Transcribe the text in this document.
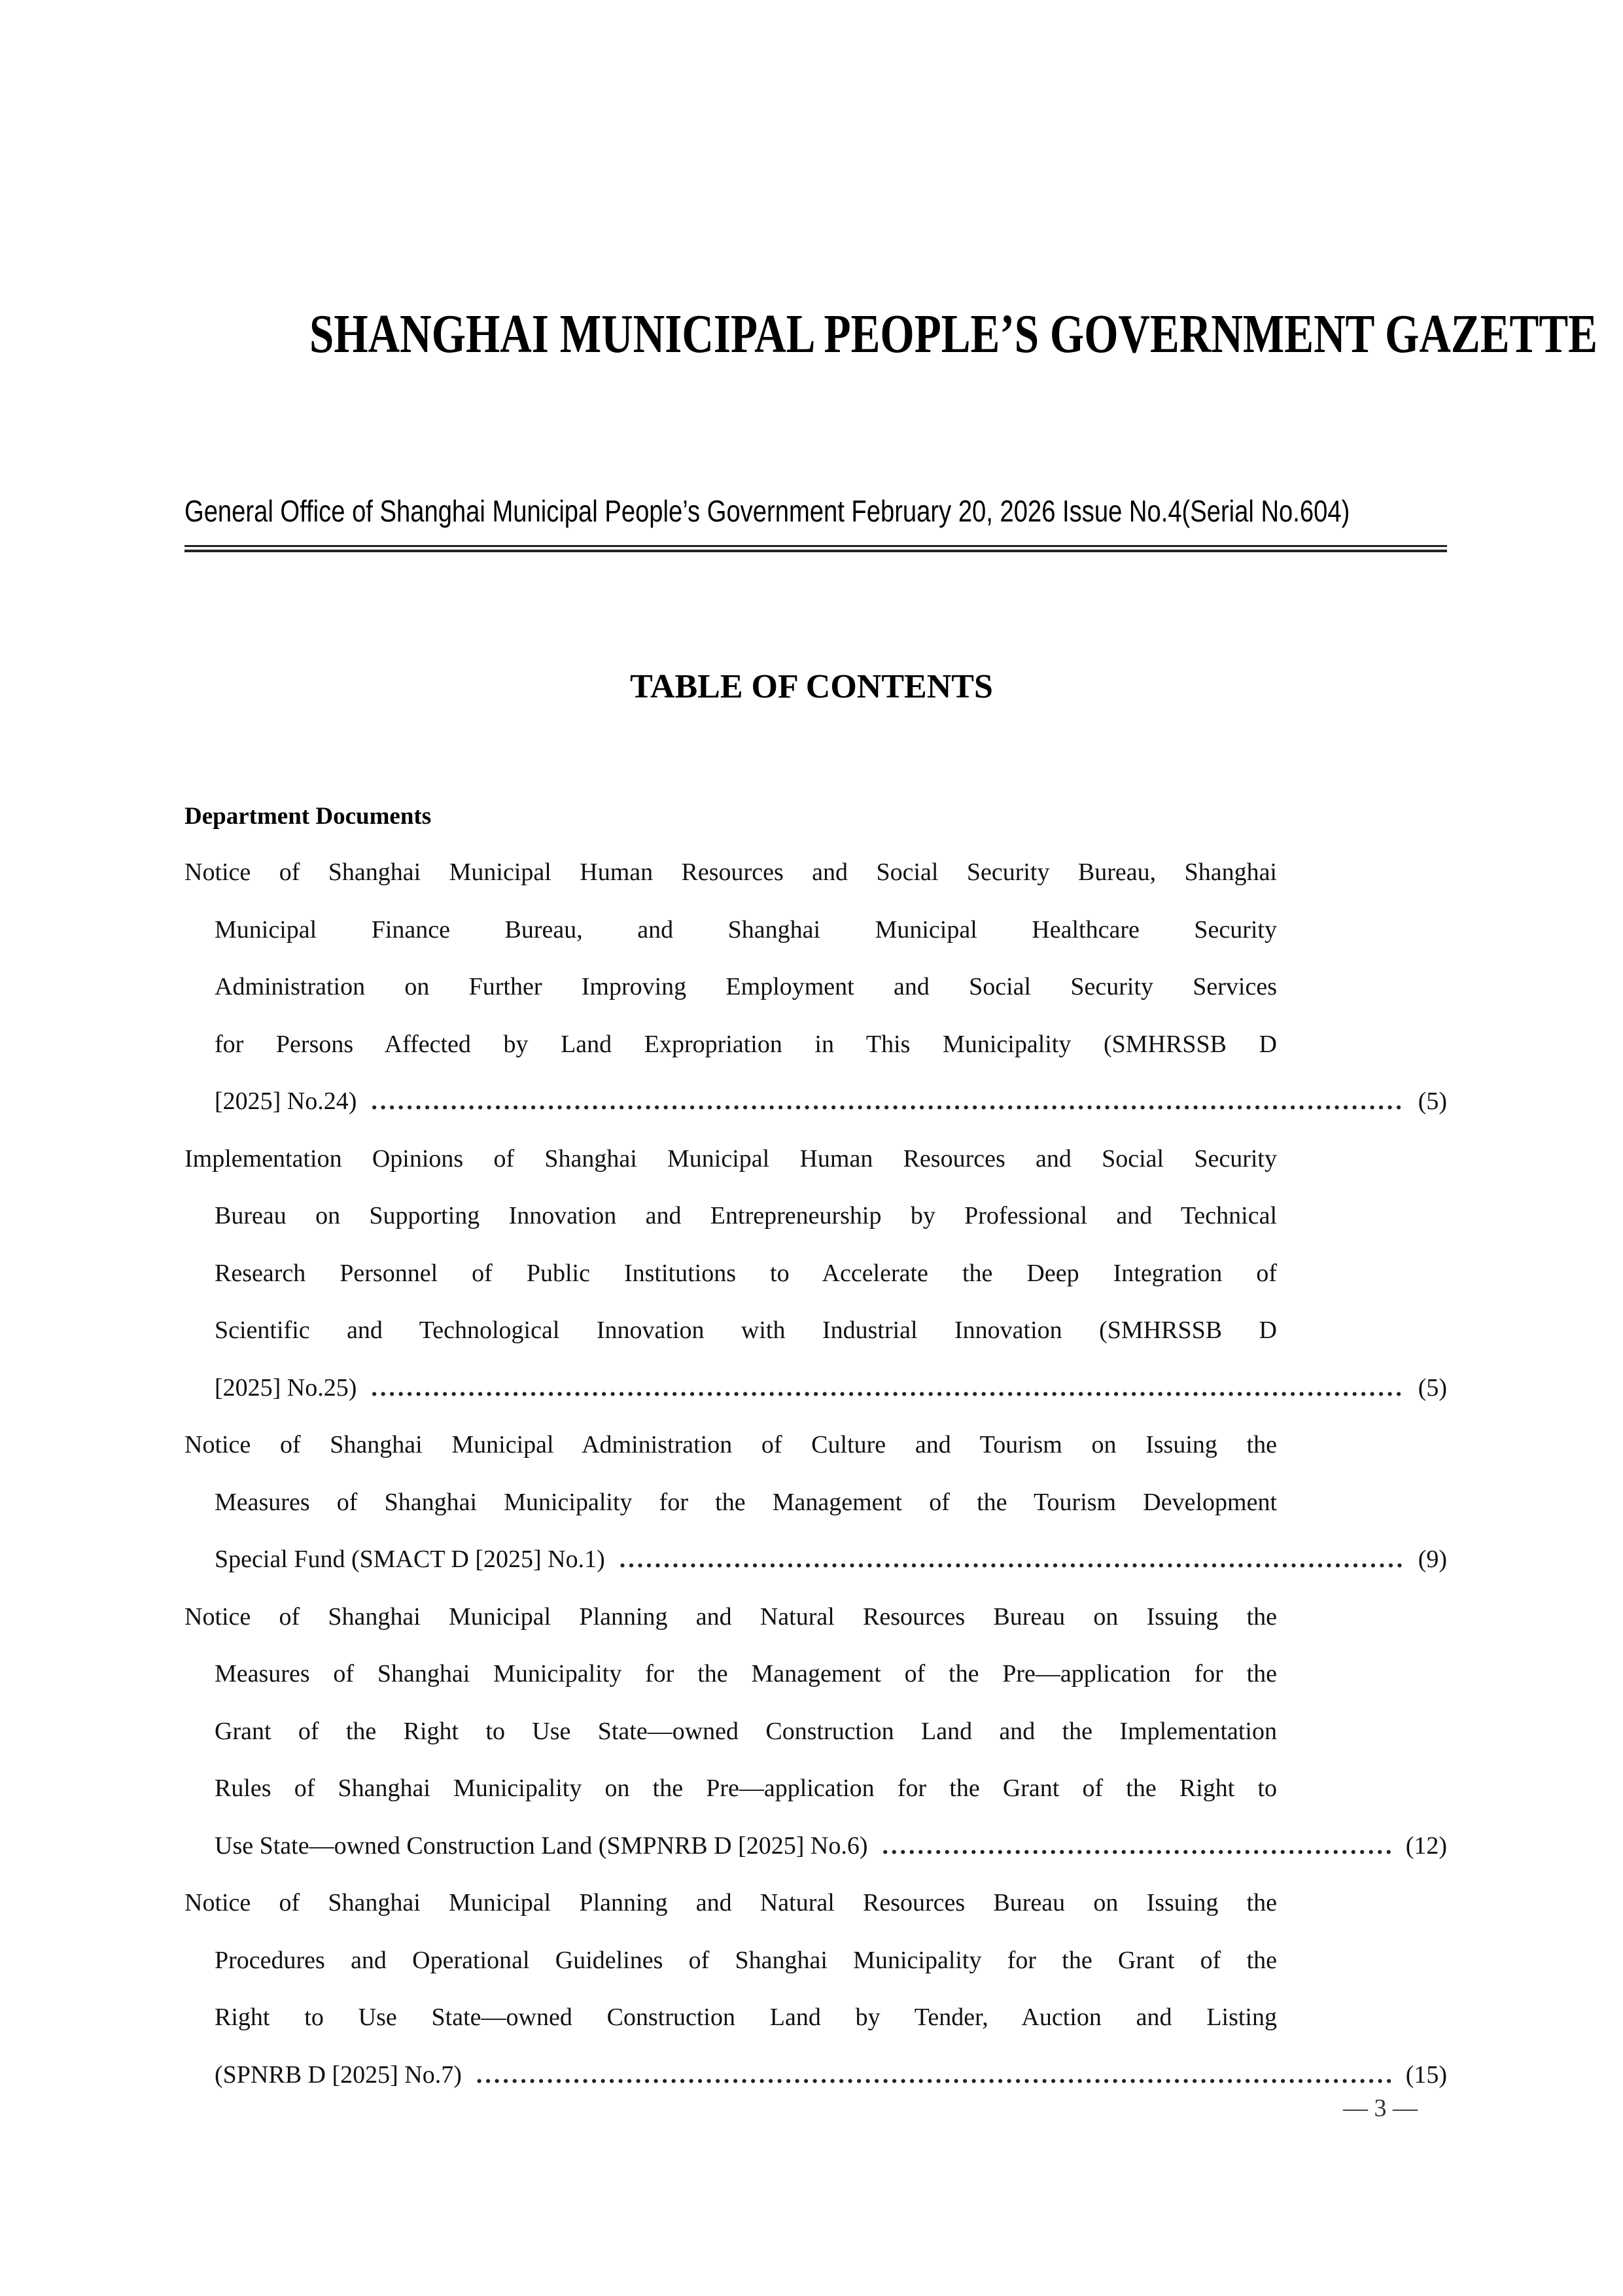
SHANGHAI MUNICIPAL PEOPLE’S GOVERNMENT GAZETTE
General Office of Shanghai Municipal People’s Government February 20, 2026 Issue No.4(Serial No.604)
TABLE OF CONTENTS
Department Documents
Notice of Shanghai Municipal Human Resources and Social Security Bureau, Shanghai
Municipal Finance Bureau, and Shanghai Municipal Healthcare Security
Administration on Further Improving Employment and Social Security Services
for Persons Affected by Land Expropriation in This Municipality (SMHRSSB D
[2025] No.24) .....	(5)
Implementation Opinions of Shanghai Municipal Human Resources and Social Security
Bureau on Supporting Innovation and Entrepreneurship by Professional and Technical
Research Personnel of Public Institutions to Accelerate the Deep Integration of
Scientific and Technological Innovation with Industrial Innovation (SMHRSSB D
[2025] No.25) .....	(5)
Notice of Shanghai Municipal Administration of Culture and Tourism on Issuing the
Measures of Shanghai Municipality for the Management of the Tourism Development
Special Fund (SMACT D [2025] No.1) .....	(9)
Notice of Shanghai Municipal Planning and Natural Resources Bureau on Issuing the
Measures of Shanghai Municipality for the Management of the Pre—application for the
Grant of the Right to Use State—owned Construction Land and the Implementation
Rules of Shanghai Municipality on the Pre—application for the Grant of the Right to
Use State—owned Construction Land (SMPNRB D [2025] No.6) .....	(12)
Notice of Shanghai Municipal Planning and Natural Resources Bureau on Issuing the
Procedures and Operational Guidelines of Shanghai Municipality for the Grant of the
Right to Use State—owned Construction Land by Tender, Auction and Listing
(SPNRB D [2025] No.7) .....	(15)
— 3 —
